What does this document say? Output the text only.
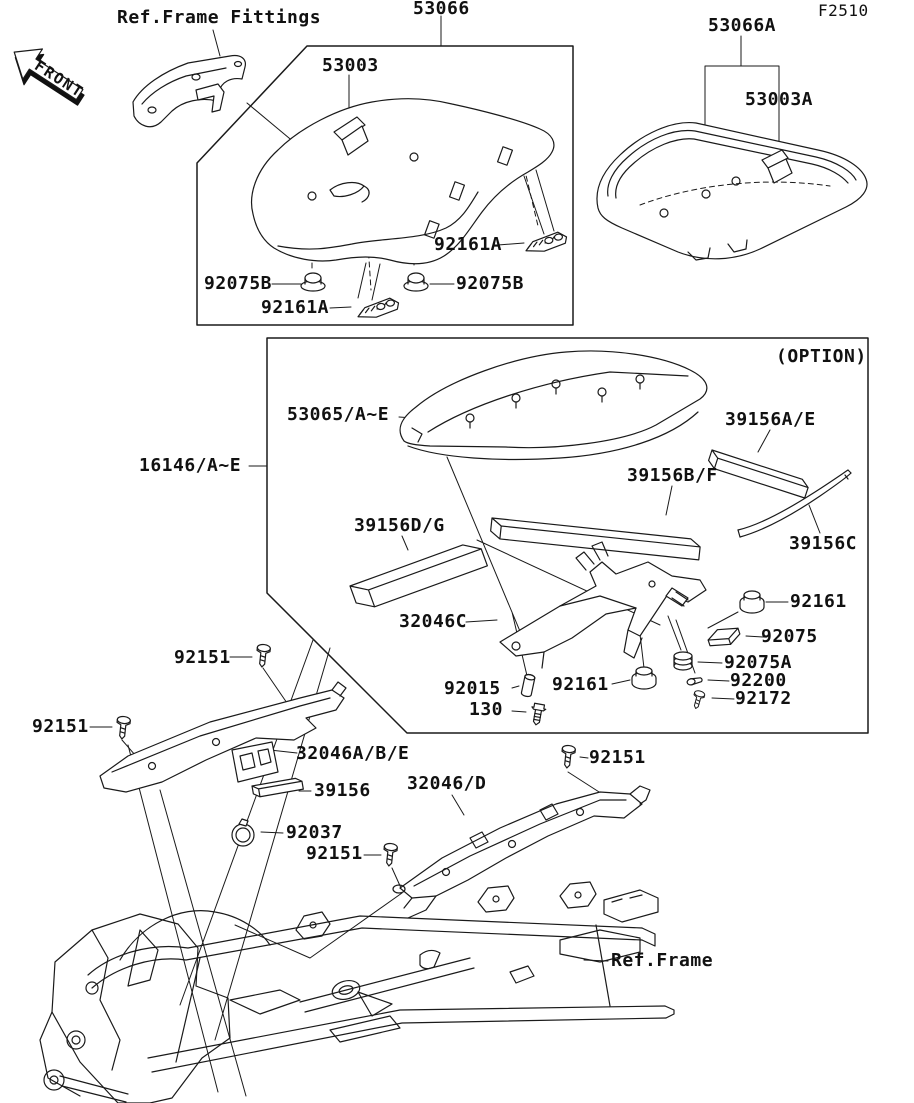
FRONT
F2510
Ref.Frame Fittings	53066
53003
53066A
53003A
92161A
92075B	92075B
92161A
(OPTION)
53065/A~E	39156A/E
16146/A~E	39156B/F
39156D/G
39156C
32046C
92161
92075
92151	92075A
92200
92161
92015	92172
130
92151
32046A/B/E
39156 32046/D
92151
92037
92151
Ref.Frame
